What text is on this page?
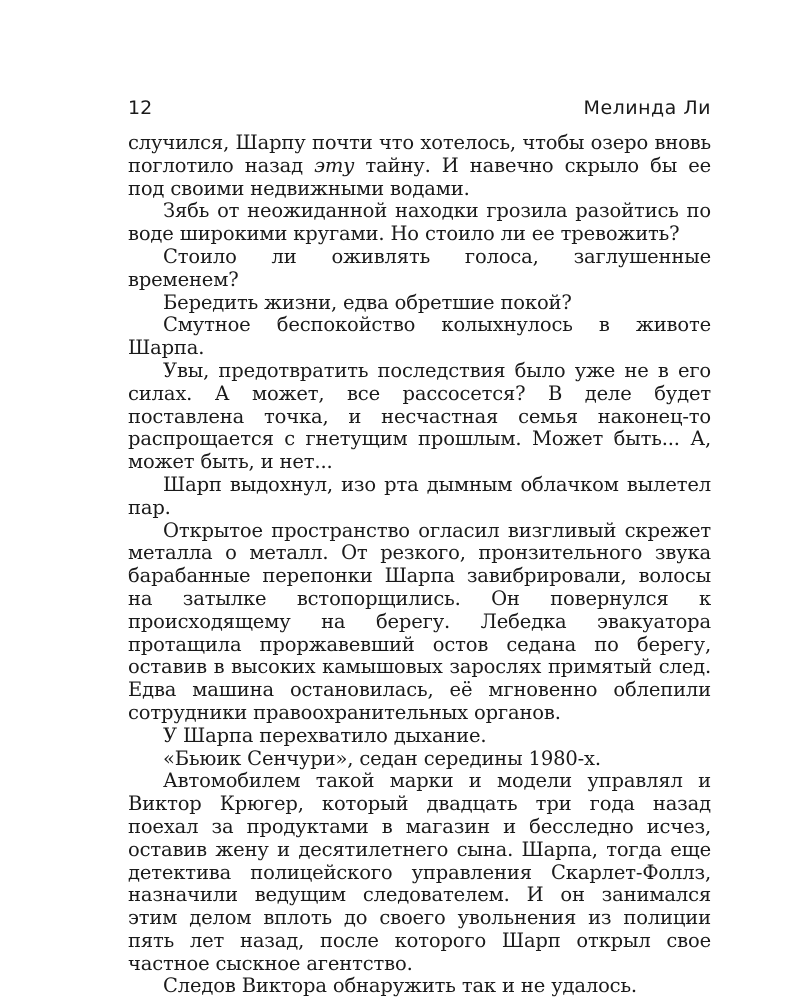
12	Мелинда Ли

случился, Шарпу почти что хотелось, чтобы озеро вновь поглотило назад эту тайну. И навечно скрыло бы ее под своими недвижными водами.

Зябь от неожиданной находки грозила разойтись по воде широкими кругами. Но стоило ли ее тревожить?

Стоило ли оживлять голоса, заглушенные временем?

Бередить жизни, едва обретшие покой?

Смутное беспокойство колыхнулось в животе Шарпа.

Увы, предотвратить последствия было уже не в его силах. А может, все рассосется? В деле будет поставлена точка, и несчастная семья наконец-то распрощается с гнетущим прошлым. Может быть... А, может быть, и нет...

Шарп выдохнул, изо рта дымным облачком вылетел пар.

Открытое пространство огласил визгливый скрежет металла о металл. От резкого, пронзительного звука барабанные перепонки Шарпа завибрировали, волосы на затылке встопорщились. Он повернулся к происходящему на берегу. Лебедка эвакуатора протащила проржавевший остов седана по берегу, оставив в высоких камышовых зарослях примятый след. Едва машина остановилась, её мгновенно облепили сотрудники правоохранительных органов.

У Шарпа перехватило дыхание.

«Бьюик Сенчури», седан середины 1980-х.

Автомобилем такой марки и модели управлял и Виктор Крюгер, который двадцать три года назад поехал за продуктами в магазин и бесследно исчез, оставив жену и десятилетнего сына. Шарпа, тогда еще детектива полицейского управления Скарлет-Фоллз, назначили ведущим следователем. И он занимался этим делом вплоть до своего увольнения из полиции пять лет назад, после которого Шарп открыл свое частное сыскное агентство.

Следов Виктора обнаружить так и не удалось.
